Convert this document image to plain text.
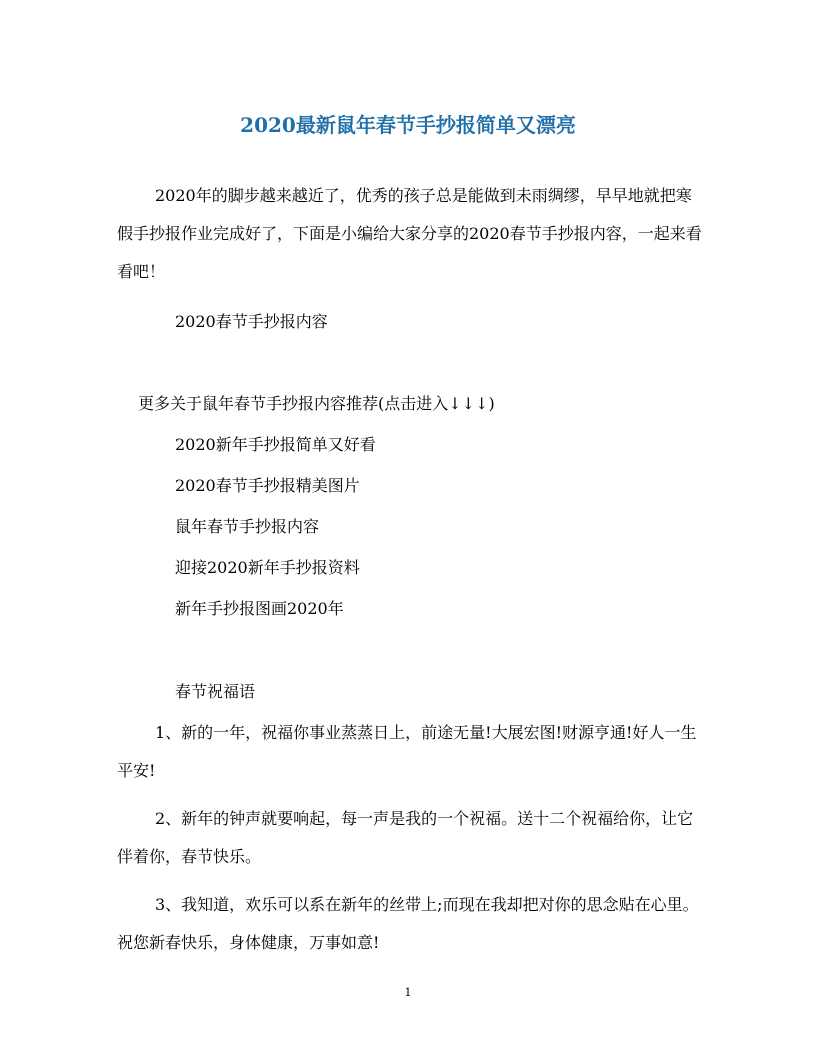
2020最新鼠年春节手抄报简单又漂亮
2020年的脚步越来越近了，优秀的孩子总是能做到未雨绸缪，早早地就把寒假手抄报作业完成好了，下面是小编给大家分享的2020春节手抄报内容，一起来看看吧！
2020春节手抄报内容
更多关于鼠年春节手抄报内容推荐(点击进入↓↓↓)
2020新年手抄报简单又好看
2020春节手抄报精美图片
鼠年春节手抄报内容
迎接2020新年手抄报资料
新年手抄报图画2020年
春节祝福语
1、新的一年，祝福你事业蒸蒸日上，前途无量!大展宏图!财源亨通!好人一生平安!
2、新年的钟声就要响起，每一声是我的一个祝福。送十二个祝福给你，让它伴着你，春节快乐。
3、我知道，欢乐可以系在新年的丝带上;而现在我却把对你的思念贴在心里。祝您新春快乐，身体健康，万事如意!
1
